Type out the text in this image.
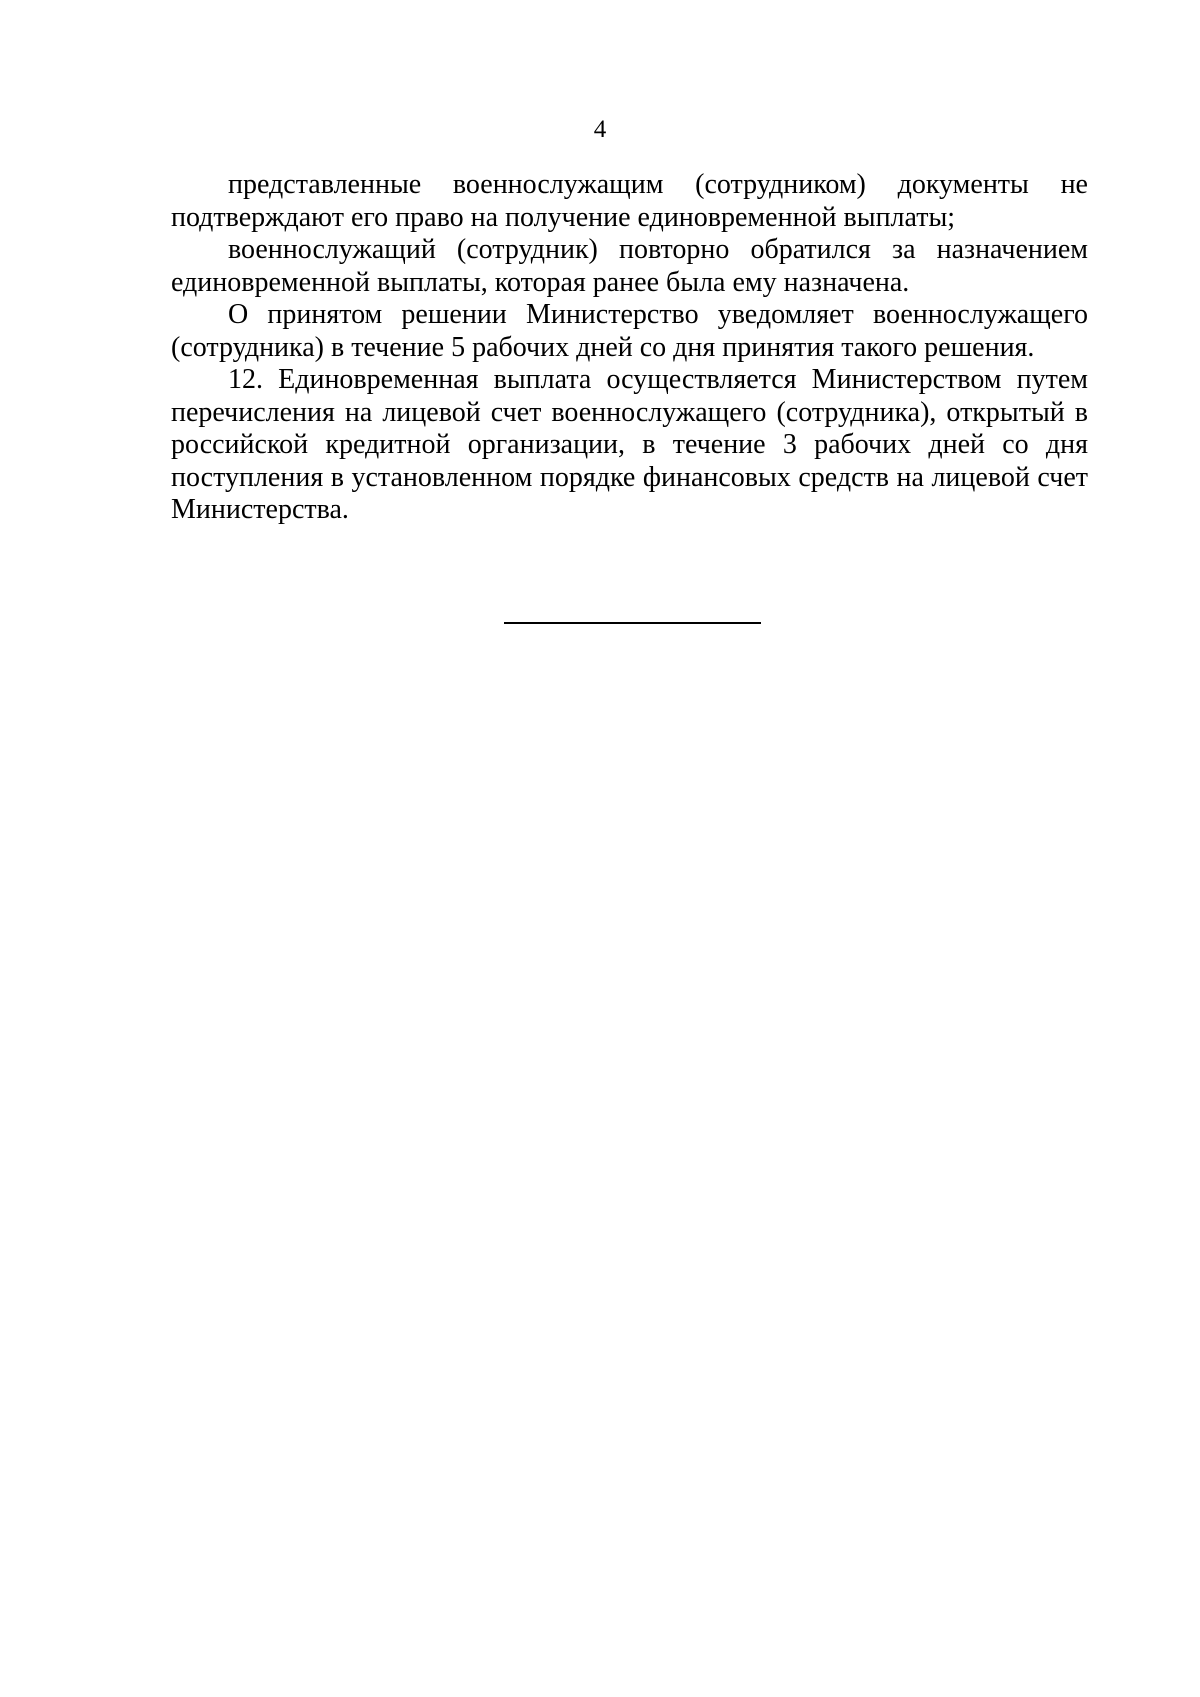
4

представленные военнослужащим (сотрудником) документы не подтверждают его право на получение единовременной выплаты;

военнослужащий (сотрудник) повторно обратился за назначением единовременной выплаты, которая ранее была ему назначена.

О принятом решении Министерство уведомляет военнослужащего (сотрудника) в течение 5 рабочих дней со дня принятия такого решения.

12. Единовременная выплата осуществляется Министерством путем перечисления на лицевой счет военнослужащего (сотрудника), открытый в российской кредитной организации, в течение 3 рабочих дней со дня поступления в установленном порядке финансовых средств на лицевой счет Министерства.
